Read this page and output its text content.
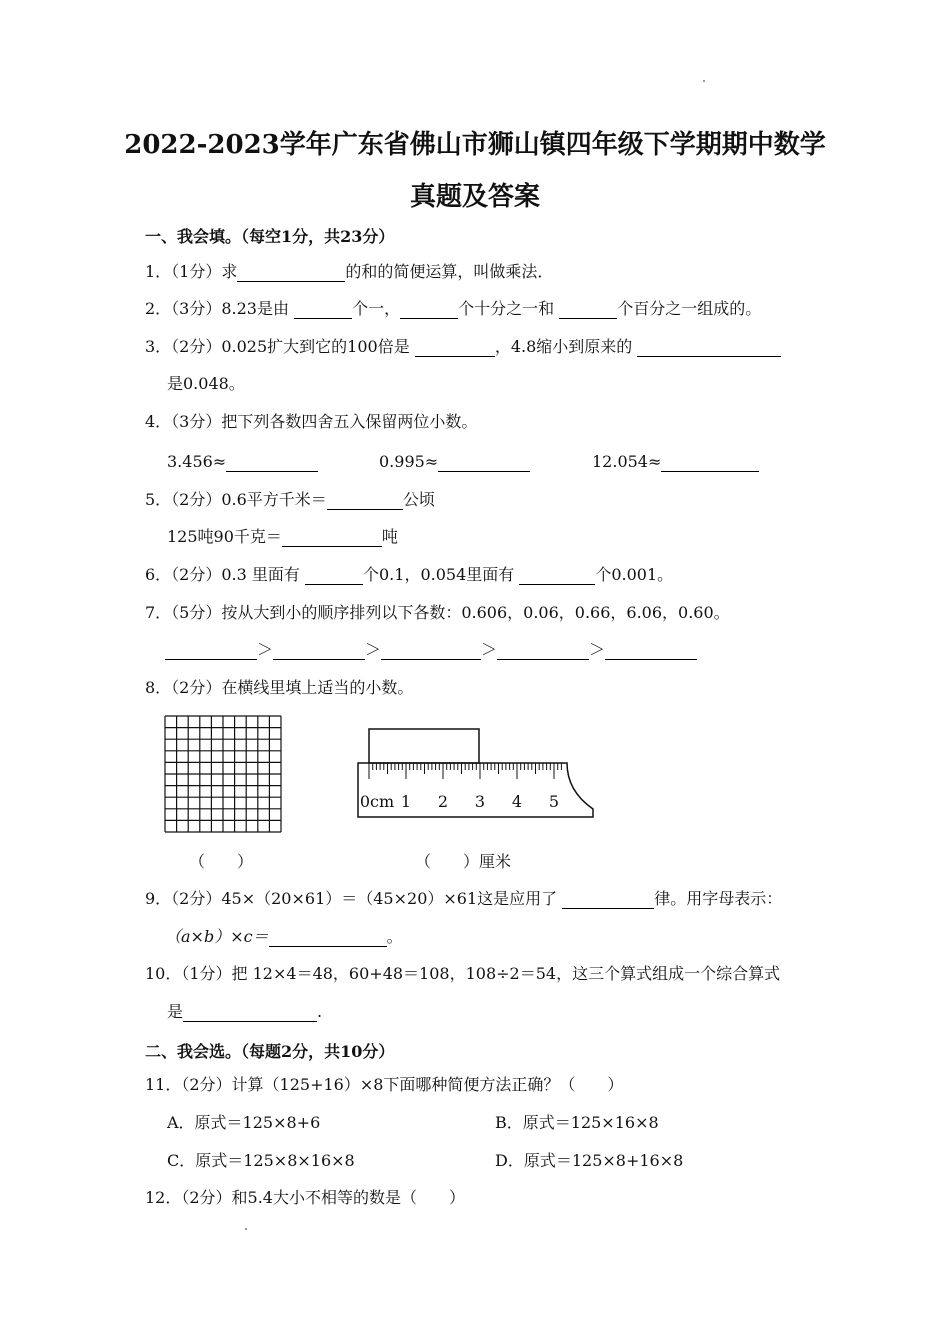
2022-2023学年广东省佛山市狮山镇四年级下学期期中数学
真题及答案
一、我会填。（每空1分，共23分）
1．（1分）求	的和的简便运算，叫做乘法．
2．（3分）8.23是由	个一，	个十分之一和	个百分之一组成的。
3．（2分）0.025扩大到它的100倍是	，4.8缩小到原来的
是0.048。
4．（3分）把下列各数四舍五入保留两位小数。
3.456≈	0.995≈	12.054≈
5．（2分）0.6平方千米＝	公顷
125吨90千克＝	吨
6．（2分）0.3 里面有	个0.1，0.054里面有	个0.001。
7．（5分）按从大到小的顺序排列以下各数：0.606，0.06，0.66，6.06，0.60。
＞	＞	＞	＞
8．（2分）在横线里填上适当的小数。
0cm 1 2 3 4 5
（　　）	（　　）厘米
9．（2分）45×（20×61）＝（45×20）×61这是应用了	律。用字母表示：
（a×b）×c＝	。
10．（1分）把 12×4＝48，60+48＝108，108÷2＝54，这三个算式组成一个综合算式
是	.
二、我会选。（每题2分，共10分）
11．（2分）计算（125+16）×8下面哪种简便方法正确？（　　）
A．原式＝125×8+6	B．原式＝125×16×8
C．原式＝125×8×16×8	D．原式＝125×8+16×8
12．（2分）和5.4大小不相等的数是（　　）
